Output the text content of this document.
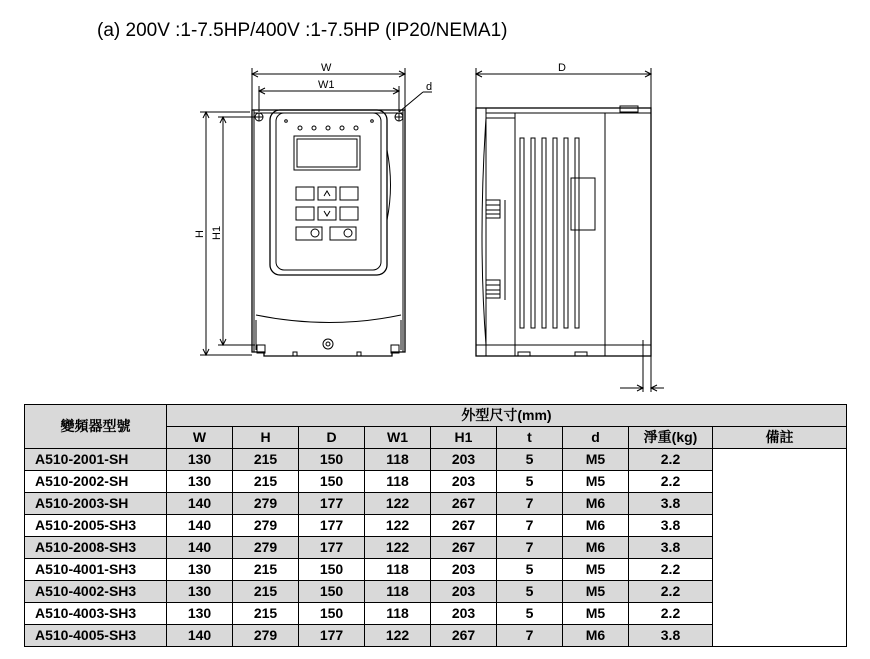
(a) 200V :1-7.5HP/400V :1-7.5HP (IP20/NEMA1)
W
W1	d
H H1
D
變頻器型號	外型尺寸(mm)								
	W	H	D	W1	H1	t	d	淨重(kg)	備註
A510-2001-SH	130	215	150	118	203	5	M5	2.2	
A510-2002-SH	130	215	150	118	203	5	M5	2.2	
A510-2003-SH	140	279	177	122	267	7	M6	3.8	
A510-2005-SH3	140	279	177	122	267	7	M6	3.8	
A510-2008-SH3	140	279	177	122	267	7	M6	3.8	
A510-4001-SH3	130	215	150	118	203	5	M5	2.2	
A510-4002-SH3	130	215	150	118	203	5	M5	2.2	
A510-4003-SH3	130	215	150	118	203	5	M5	2.2	
A510-4005-SH3	140	279	177	122	267	7	M6	3.8	
